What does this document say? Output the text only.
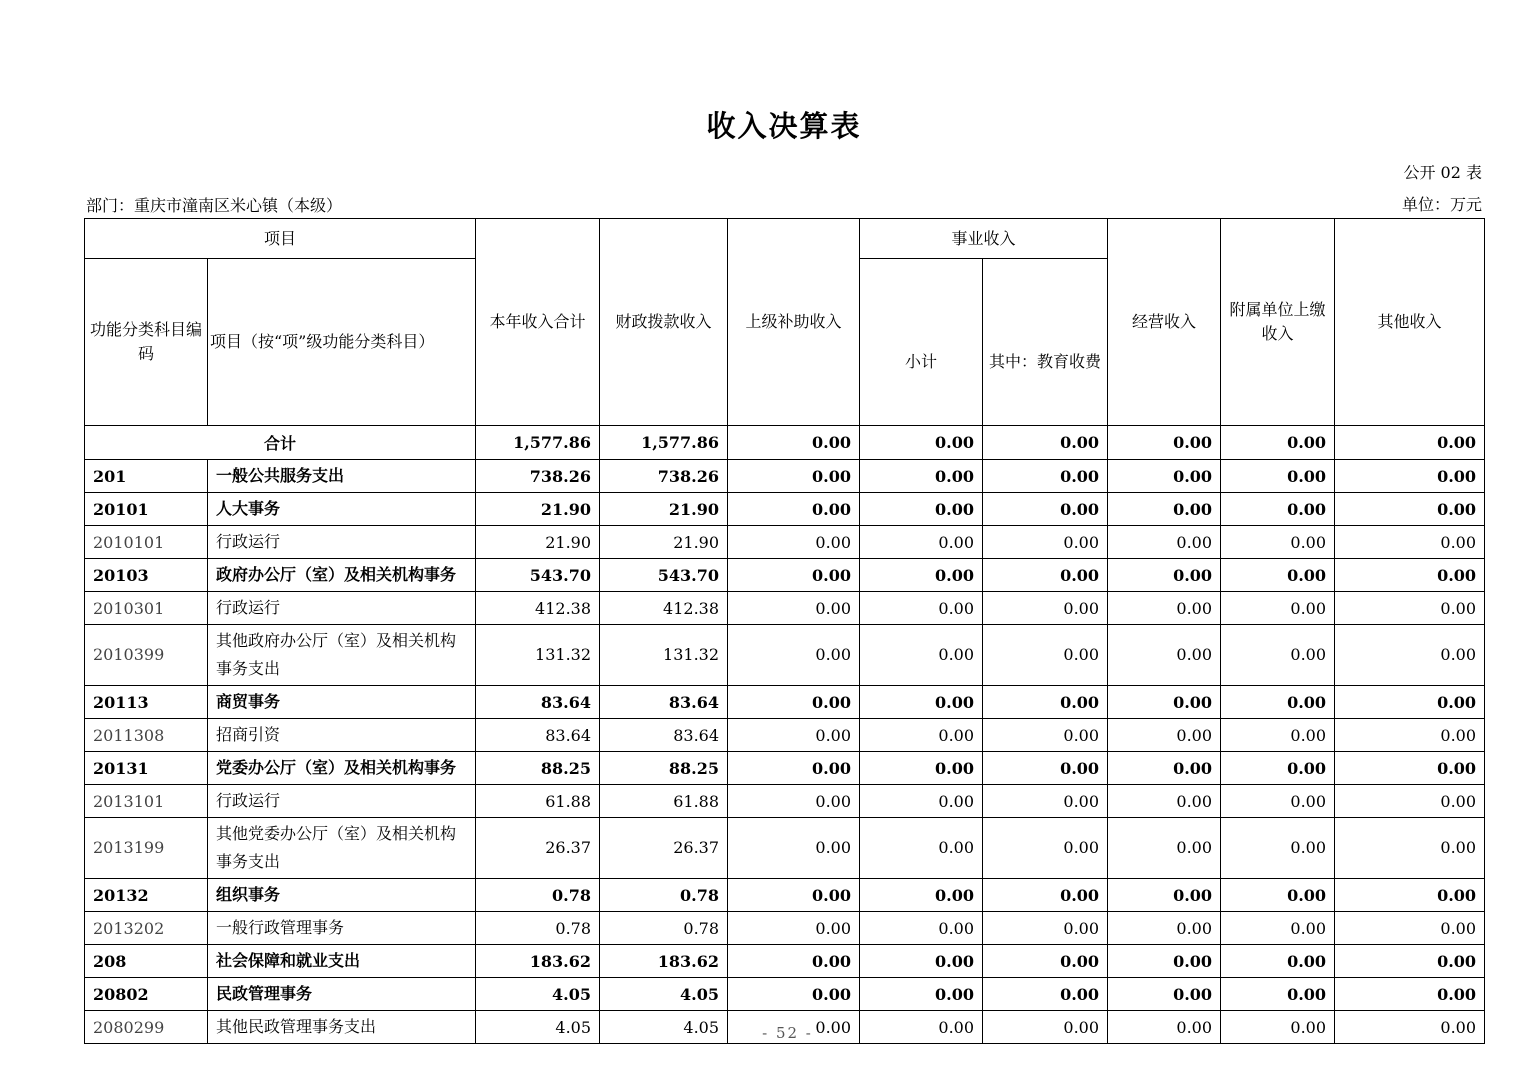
收入决算表
公开 02 表
部门：重庆市潼南区米心镇（本级）	单位：万元
项目		本年收入合计	财政拨款收入	上级补助收入	事业收入		经营收入	附属单位上缴收入	其他收入
功能分类科目编码	项目（按“项”级功能分类科目）				小计	其中：教育收费			
合计		1,577.86	1,577.86	0.00	0.00	0.00	0.00	0.00	0.00
201	一般公共服务支出	738.26	738.26	0.00	0.00	0.00	0.00	0.00	0.00
20101	人大事务	21.90	21.90	0.00	0.00	0.00	0.00	0.00	0.00
2010101	行政运行	21.90	21.90	0.00	0.00	0.00	0.00	0.00	0.00
20103	政府办公厅（室）及相关机构事务	543.70	543.70	0.00	0.00	0.00	0.00	0.00	0.00
2010301	行政运行	412.38	412.38	0.00	0.00	0.00	0.00	0.00	0.00
2010399	其他政府办公厅（室）及相关机构事务支出	131.32	131.32	0.00	0.00	0.00	0.00	0.00	0.00
20113	商贸事务	83.64	83.64	0.00	0.00	0.00	0.00	0.00	0.00
2011308	招商引资	83.64	83.64	0.00	0.00	0.00	0.00	0.00	0.00
20131	党委办公厅（室）及相关机构事务	88.25	88.25	0.00	0.00	0.00	0.00	0.00	0.00
2013101	行政运行	61.88	61.88	0.00	0.00	0.00	0.00	0.00	0.00
2013199	其他党委办公厅（室）及相关机构事务支出	26.37	26.37	0.00	0.00	0.00	0.00	0.00	0.00
20132	组织事务	0.78	0.78	0.00	0.00	0.00	0.00	0.00	0.00
2013202	一般行政管理事务	0.78	0.78	0.00	0.00	0.00	0.00	0.00	0.00
208	社会保障和就业支出	183.62	183.62	0.00	0.00	0.00	0.00	0.00	0.00
20802	民政管理事务	4.05	4.05	0.00	0.00	0.00	0.00	0.00	0.00
2080299	其他民政管理事务支出	4.05	4.05	0.00	0.00	0.00	0.00	0.00	0.00
- 52 -
